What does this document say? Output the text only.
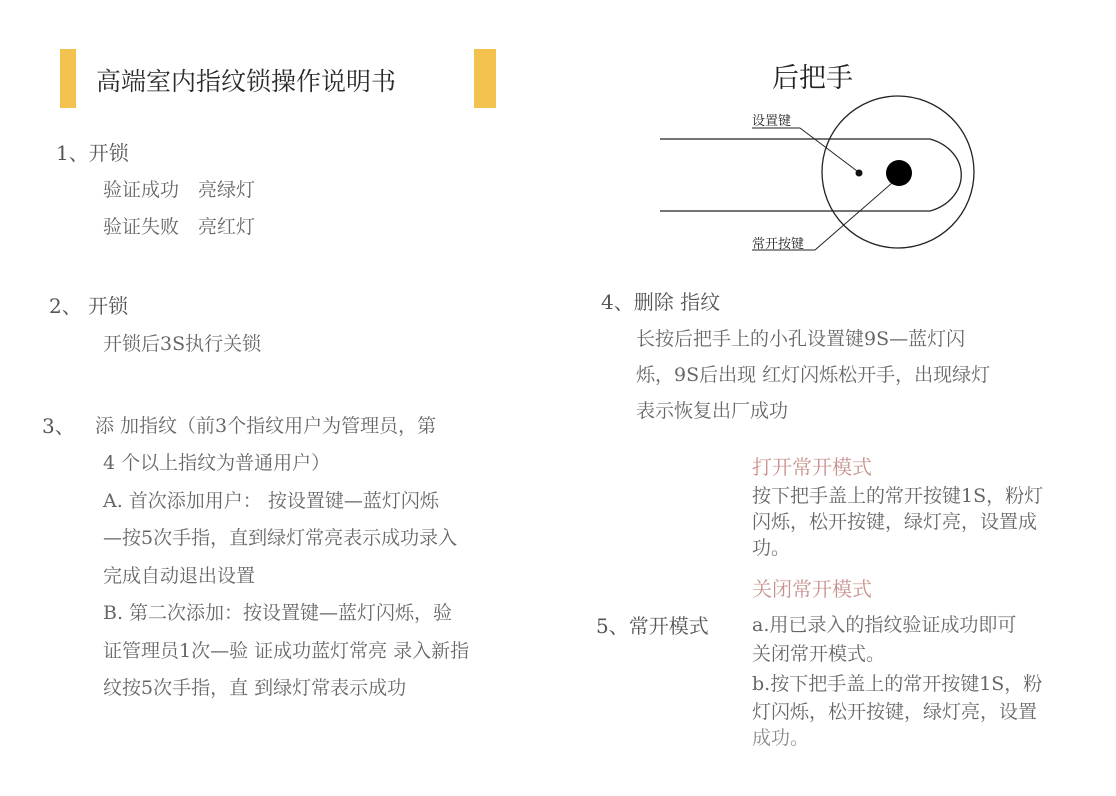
高端室内指纹锁操作说明书
1、开锁
验证成功　亮绿灯
验证失败　亮红灯
2、 开锁
开锁后3S执行关锁
3、 添 加指纹（前3个指纹用户为管理员，第
4 个以上指纹为普通用户）
A. 首次添加用户： 按设置键—蓝灯闪烁
—按5次手指，直到绿灯常亮表示成功录入
完成自动退出设置
B. 第二次添加：按设置键—蓝灯闪烁，验
证管理员1次—验 证成功蓝灯常亮 录入新指
纹按5次手指，直 到绿灯常表示成功
后把手
设置键
常开按键
4、删除 指纹
长按后把手上的小孔设置键9S—蓝灯闪
烁，9S后出现 红灯闪烁松开手，出现绿灯
表示恢复出厂成功
打开常开模式
按下把手盖上的常开按键1S，粉灯
闪烁，松开按键，绿灯亮，设置成
功。
关闭常开模式
5、常开模式 a.用已录入的指纹验证成功即可
关闭常开模式。
b.按下把手盖上的常开按键1S，粉
灯闪烁，松开按键，绿灯亮，设置
成功。
